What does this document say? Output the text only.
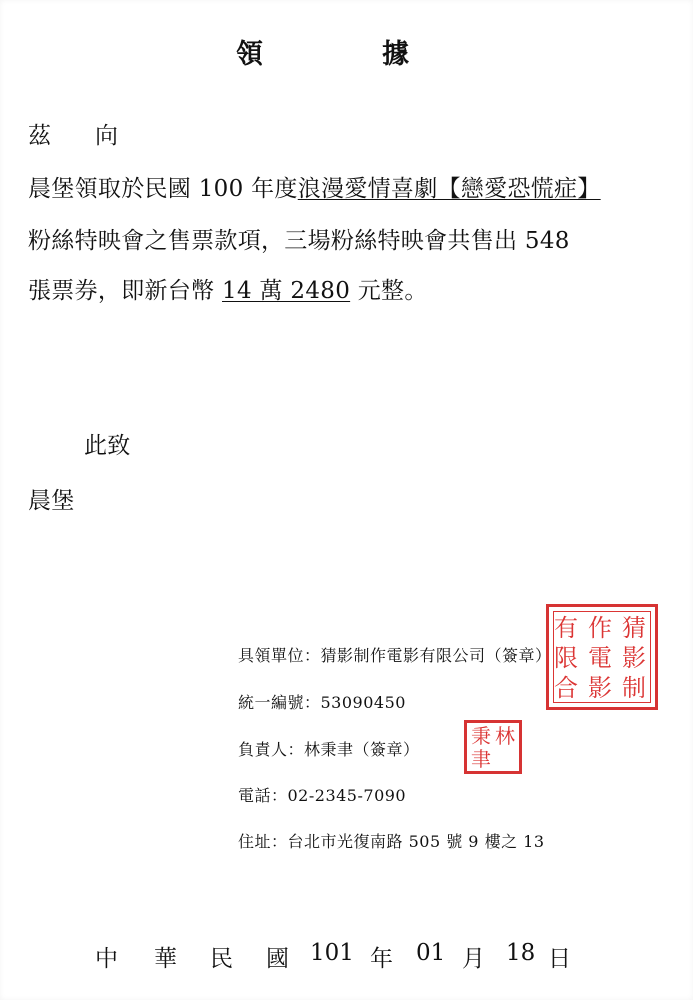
領	據
茲 向
晨堡領取於民國 100 年度浪漫愛情喜劇【戀愛恐慌症】
粉絲特映會之售票款項，三場粉絲特映會共售出 548
張票券，即新台幣 14 萬 2480 元整。
此致
晨堡
具領單位：猜影制作電影有限公司（簽章）
統一編號：53090450
負責人：林秉聿（簽章）
電話：02-2345-7090
住址：台北市光復南路 505 號 9 樓之 13
猜
影
制
作
電
影
有
限
合
林
秉
聿
中 華 民 國 101 年 01 月 18 日
